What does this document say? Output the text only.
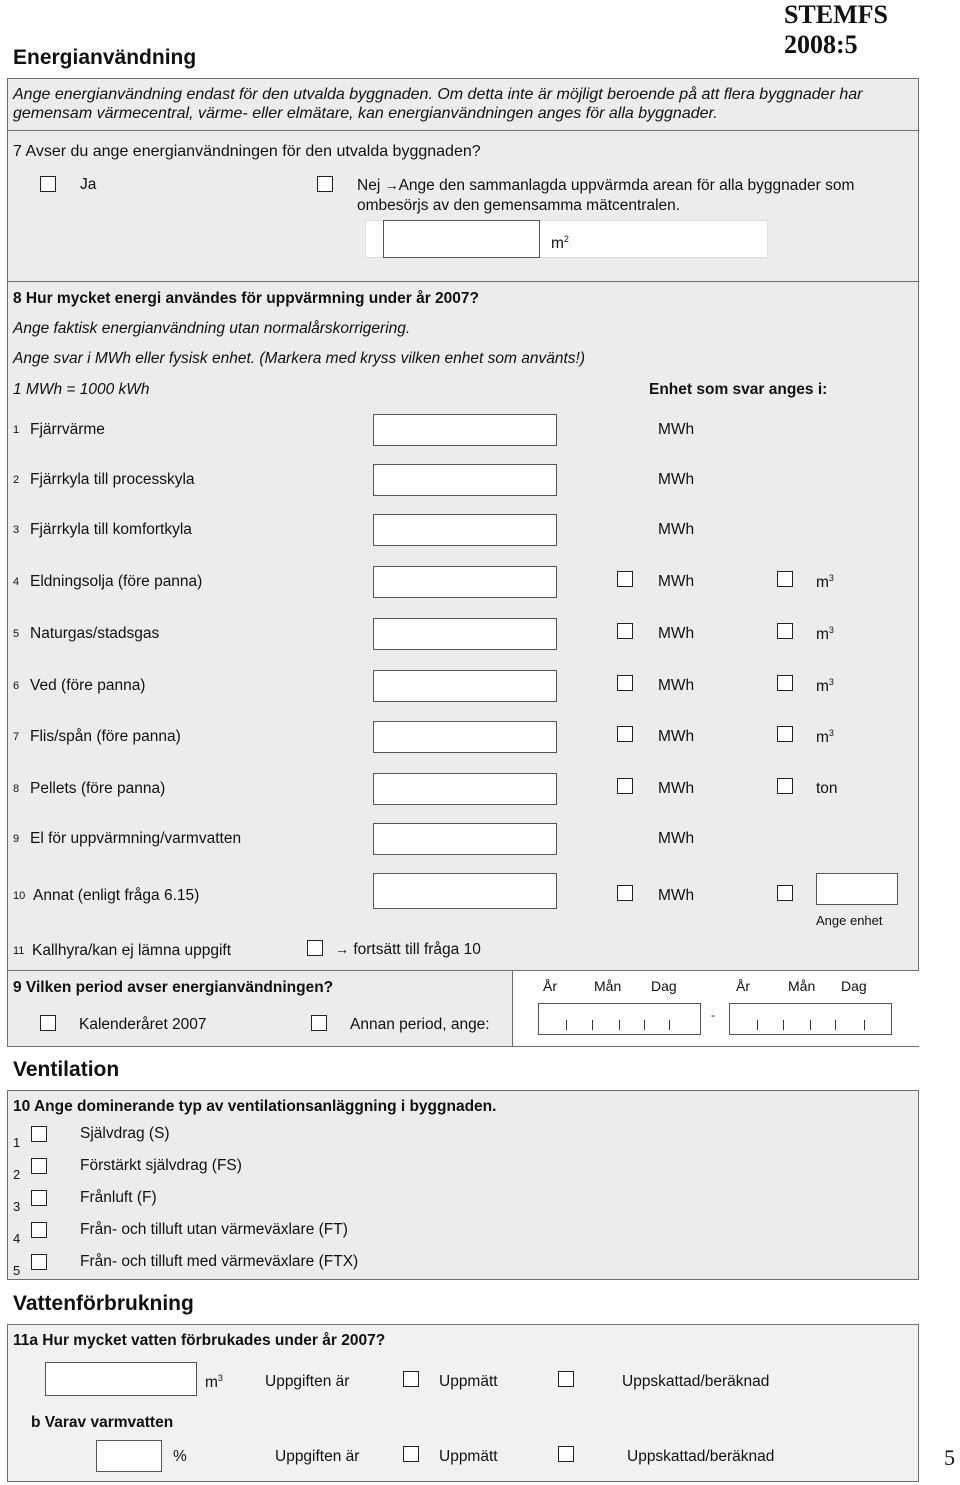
STEMFS
2008:5
Energianvändning
Ange energianvändning endast för den utvalda byggnaden. Om detta inte är möjligt beroende på att flera byggnader har
gemensam värmecentral, värme- eller elmätare, kan energianvändningen anges för alla byggnader.
7 Avser du ange energianvändningen för den utvalda byggnaden?
Ja	Nej →Ange den sammanlagda uppvärmda arean för alla byggnader som
ombesörjs av den gemensamma mätcentralen.
$m^2$
8 Hur mycket energi användes för uppvärmning under år 2007?
Ange faktisk energianvändning utan normalårskorrigering.
Ange svar i MWh eller fysisk enhet. (Markera med kryss vilken enhet som använts!)
1 MWh = 1000 kWh	Enhet som svar anges i:
1 Fjärrvärme	MWh
2 Fjärrkyla till processkyla	MWh
3 Fjärrkyla till komfortkyla	MWh
4 Eldningsolja (före panna)	MWh	$m^3$
5 Naturgas/stadsgas	MWh	$m^3$
6 Ved (före panna)	MWh	$m^3$
7 Flis/spån (före panna)	MWh	$m^3$
8 Pellets (före panna)	MWh	ton
9 El för uppvärmning/varmvatten	MWh
10 Annat (enligt fråga 6.15)	MWh
Ange enhet
11 Kallhyra/kan ej lämna uppgift	→ fortsätt till fråga 10
9 Vilken period avser energianvändningen?	År	Mån Dag	År	Mån Dag
Kalenderåret 2007	Annan period, ange:
-
Ventilation
10 Ange dominerande typ av ventilationsanläggning i byggnaden.
1
Självdrag (S)
2
Förstärkt självdrag (FS)
3
Frånluft (F)
4
Från- och tilluft utan värmeväxlare (FT)
5
Från- och tilluft med värmeväxlare (FTX)
Vattenförbrukning
11a Hur mycket vatten förbrukades under år 2007?
$m^3$	Uppgiften är	Uppmätt	Uppskattad/beräknad
b Varav varmvatten
%	Uppgiften är	Uppmätt	Uppskattad/beräknad	5
